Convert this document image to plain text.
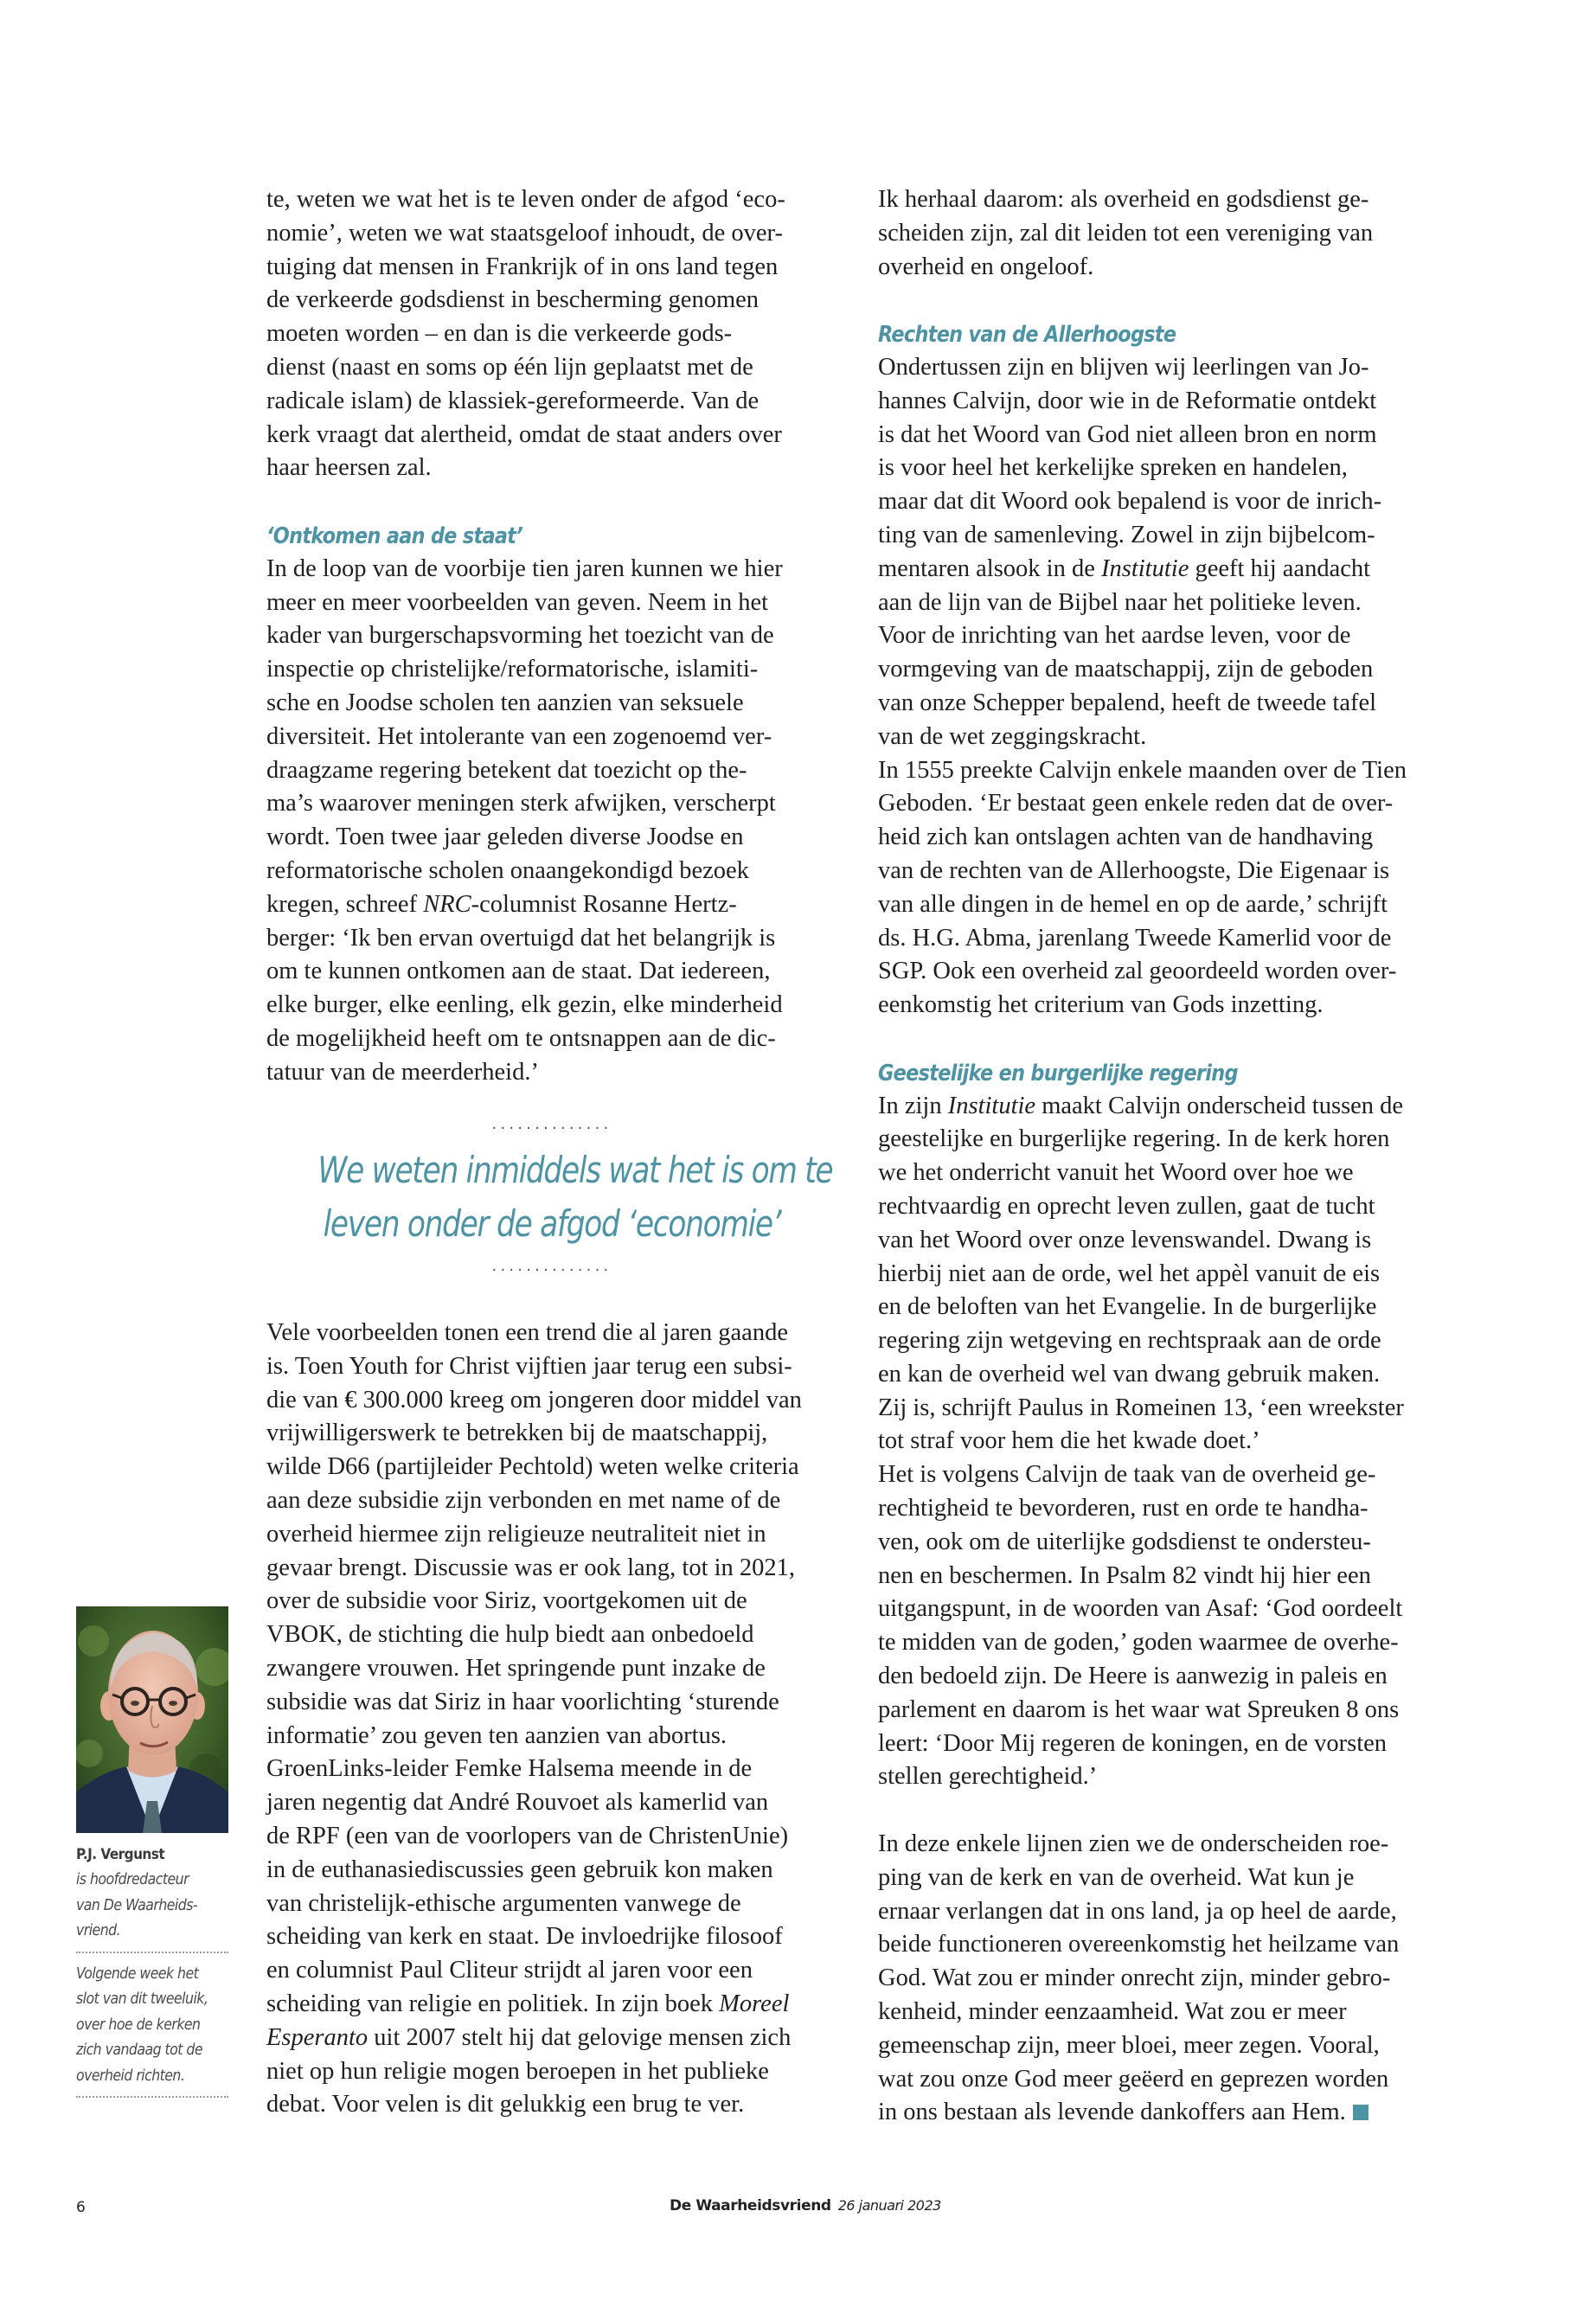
te, weten we wat het is te leven onder de afgod ‘eco-
nomie’, weten we wat staatsgeloof inhoudt, de over-
tuiging dat mensen in Frankrijk of in ons land tegen
de verkeerde godsdienst in bescherming genomen
moeten worden – en dan is die verkeerde gods-
dienst (naast en soms op één lijn geplaatst met de
radicale islam) de klassiek-gereformeerde. Van de
kerk vraagt dat alertheid, omdat de staat anders over
haar heersen zal.
‘Ontkomen aan de staat’
In de loop van de voorbije tien jaren kunnen we hier
meer en meer voorbeelden van geven. Neem in het
kader van burgerschapsvorming het toezicht van de
inspectie op christelijke/reformatorische, islamiti-
sche en Joodse scholen ten aanzien van seksuele
diversiteit. Het intolerante van een zogenoemd ver-
draagzame regering betekent dat toezicht op the-
ma’s waarover meningen sterk afwijken, verscherpt
wordt. Toen twee jaar geleden diverse Joodse en
reformatorische scholen onaangekondigd bezoek
kregen, schreef NRC-columnist Rosanne Hertz-
berger: ‘Ik ben ervan overtuigd dat het belangrijk is
om te kunnen ontkomen aan de staat. Dat iedereen,
elke burger, elke eenling, elk gezin, elke minderheid
de mogelijkheid heeft om te ontsnappen aan de dic-
tatuur van de meerderheid.’
..............
We weten inmiddels wat het is om te
leven onder de afgod ‘economie’
..............
Vele voorbeelden tonen een trend die al jaren gaande
is. Toen Youth for Christ vijftien jaar terug een subsi-
die van € 300.000 kreeg om jongeren door middel van
vrijwilligerswerk te betrekken bij de maatschappij,
wilde D66 (partijleider Pechtold) weten welke criteria
aan deze subsidie zijn verbonden en met name of de
overheid hiermee zijn religieuze neutraliteit niet in
gevaar brengt. Discussie was er ook lang, tot in 2021,
over de subsidie voor Siriz, voortgekomen uit de
VBOK, de stichting die hulp biedt aan onbedoeld
zwangere vrouwen. Het springende punt inzake de
subsidie was dat Siriz in haar voorlichting ‘sturende
informatie’ zou geven ten aanzien van abortus.
GroenLinks-leider Femke Halsema meende in de
jaren negentig dat André Rouvoet als kamerlid van
de RPF (een van de voorlopers van de ChristenUnie)
in de euthanasiediscussies geen gebruik kon maken
van christelijk-ethische argumenten vanwege de
scheiding van kerk en staat. De invloedrijke filosoof
en columnist Paul Cliteur strijdt al jaren voor een
scheiding van religie en politiek. In zijn boek Moreel
Esperanto uit 2007 stelt hij dat gelovige mensen zich
niet op hun religie mogen beroepen in het publieke
debat. Voor velen is dit gelukkig een brug te ver.
Ik herhaal daarom: als overheid en godsdienst ge-
scheiden zijn, zal dit leiden tot een vereniging van
overheid en ongeloof.
Rechten van de Allerhoogste
Ondertussen zijn en blijven wij leerlingen van Jo-
hannes Calvijn, door wie in de Reformatie ontdekt
is dat het Woord van God niet alleen bron en norm
is voor heel het kerkelijke spreken en handelen,
maar dat dit Woord ook bepalend is voor de inrich-
ting van de samenleving. Zowel in zijn bijbelcom-
mentaren alsook in de Institutie geeft hij aandacht
aan de lijn van de Bijbel naar het politieke leven.
Voor de inrichting van het aardse leven, voor de
vormgeving van de maatschappij, zijn de geboden
van onze Schepper bepalend, heeft de tweede tafel
van de wet zeggingskracht.
In 1555 preekte Calvijn enkele maanden over de Tien
Geboden. ‘Er bestaat geen enkele reden dat de over-
heid zich kan ontslagen achten van de handhaving
van de rechten van de Allerhoogste, Die Eigenaar is
van alle dingen in de hemel en op de aarde,’ schrijft
ds. H.G. Abma, jarenlang Tweede Kamerlid voor de
SGP. Ook een overheid zal geoordeeld worden over-
eenkomstig het criterium van Gods inzetting.
Geestelijke en burgerlijke regering
In zijn Institutie maakt Calvijn onderscheid tussen de
geestelijke en burgerlijke regering. In de kerk horen
we het onderricht vanuit het Woord over hoe we
rechtvaardig en oprecht leven zullen, gaat de tucht
van het Woord over onze levenswandel. Dwang is
hierbij niet aan de orde, wel het appèl vanuit de eis
en de beloften van het Evangelie. In de burgerlijke
regering zijn wetgeving en rechtspraak aan de orde
en kan de overheid wel van dwang gebruik maken.
Zij is, schrijft Paulus in Romeinen 13, ‘een wreekster
tot straf voor hem die het kwade doet.’
Het is volgens Calvijn de taak van de overheid ge-
rechtigheid te bevorderen, rust en orde te handha-
ven, ook om de uiterlijke godsdienst te ondersteu-
nen en beschermen. In Psalm 82 vindt hij hier een
uitgangspunt, in de woorden van Asaf: ‘God oordeelt
te midden van de goden,’ goden waarmee de overhe-
den bedoeld zijn. De Heere is aanwezig in paleis en
parlement en daarom is het waar wat Spreuken 8 ons
leert: ‘Door Mij regeren de koningen, en de vorsten
stellen gerechtigheid.’
In deze enkele lijnen zien we de onderscheiden roe-
ping van de kerk en van de overheid. Wat kun je
ernaar verlangen dat in ons land, ja op heel de aarde,
beide functioneren overeenkomstig het heilzame van
God. Wat zou er minder onrecht zijn, minder gebro-
kenheid, minder eenzaamheid. Wat zou er meer
gemeenschap zijn, meer bloei, meer zegen. Vooral,
wat zou onze God meer geëerd en geprezen worden
in ons bestaan als levende dankoffers aan Hem.
P.J. Vergunst
is hoofdredacteur
van De Waarheids-
vriend.
Volgende week het
slot van dit tweeluik,
over hoe de kerken
zich vandaag tot de
overheid richten.
6	De Waarheidsvriend 26 januari 2023
